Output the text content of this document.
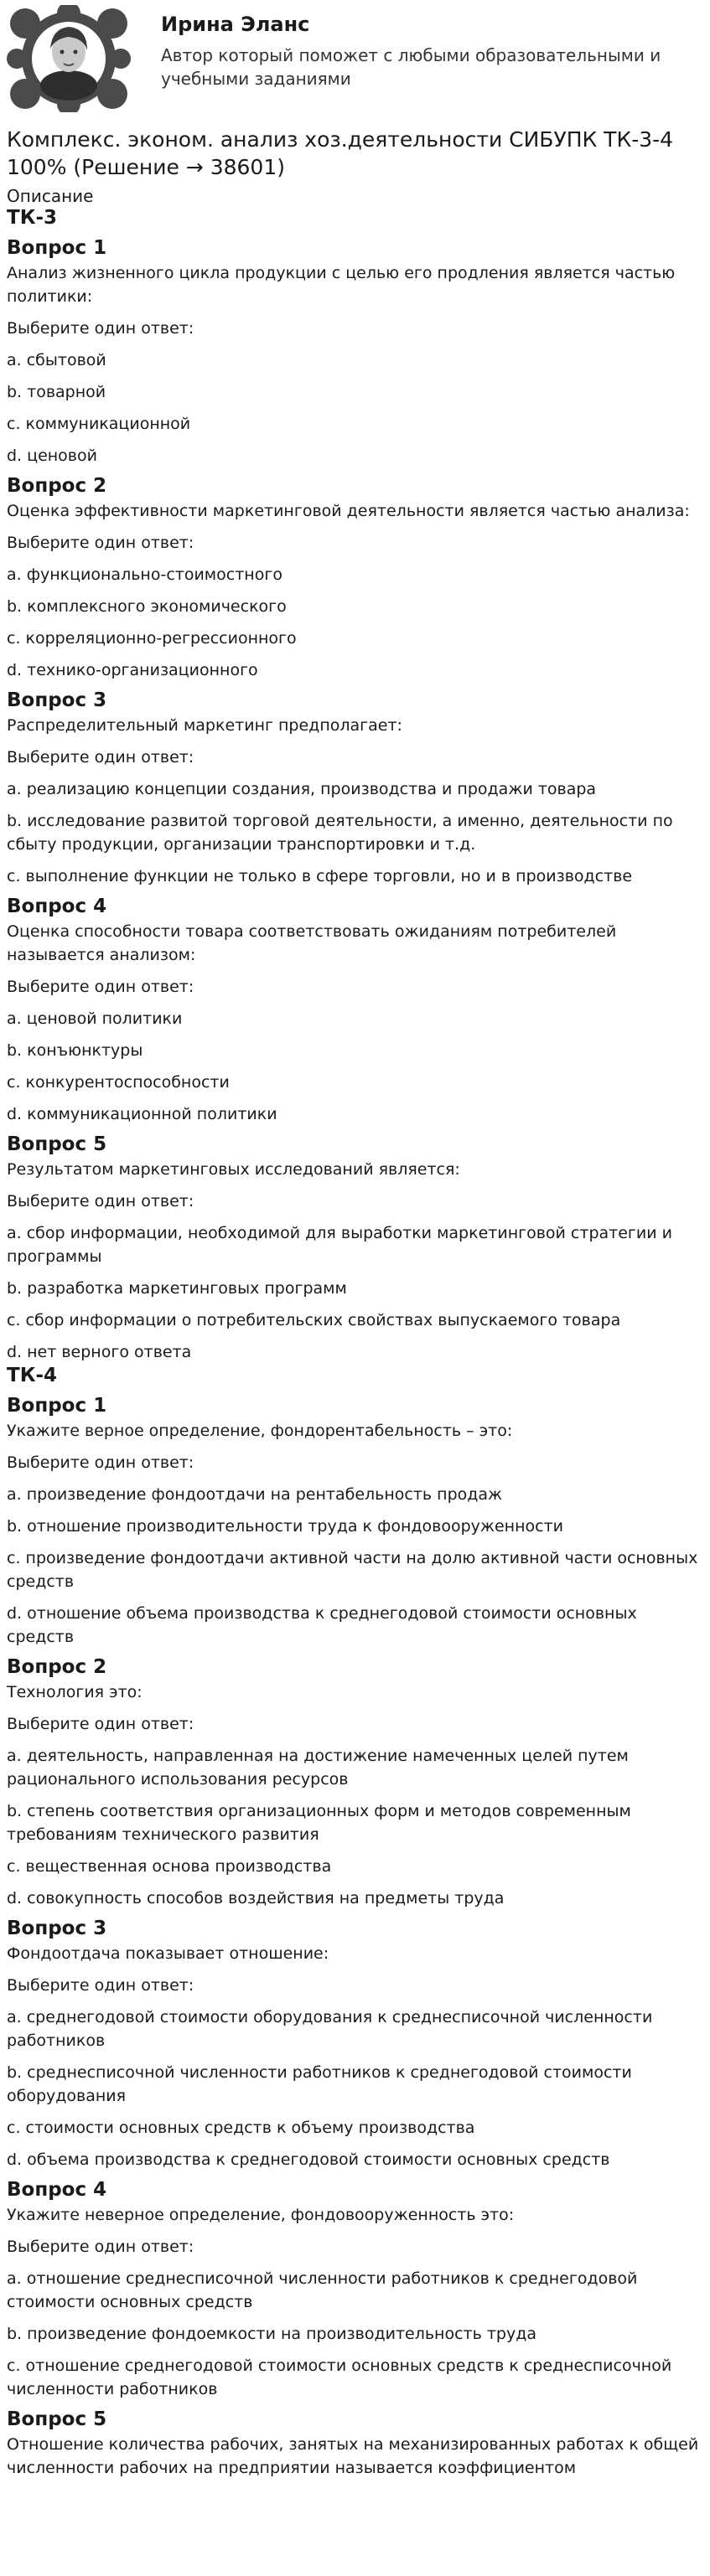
Ирина Эланс
Автор который поможет с любыми образовательными и учебными заданиями
Комплекс. эконом. анализ хоз.деятельности СИБУПК ТК-3-4 100% (Решение → 38601)
Описание
ТК-3
Вопрос 1
Анализ жизненного цикла продукции с целью его продления является частью политики:
Выберите один ответ:
a. сбытовой
b. товарной
c. коммуникационной
d. ценовой
Вопрос 2
Оценка эффективности маркетинговой деятельности является частью анализа:
Выберите один ответ:
a. функционально-стоимостного
b. комплексного экономического
c. корреляционно-регрессионного
d. технико-организационного
Вопрос 3
Распределительный маркетинг предполагает:
Выберите один ответ:
a. реализацию концепции создания, производства и продажи товара
b. исследование развитой торговой деятельности, а именно, деятельности по сбыту продукции, организации транспортировки и т.д.
c. выполнение функции не только в сфере торговли, но и в производстве
Вопрос 4
Оценка способности товара соответствовать ожиданиям потребителей называется анализом:
Выберите один ответ:
a. ценовой политики
b. конъюнктуры
c. конкурентоспособности
d. коммуникационной политики
Вопрос 5
Результатом маркетинговых исследований является:
Выберите один ответ:
a. сбор информации, необходимой для выработки маркетинговой стратегии и программы
b. разработка маркетинговых программ
c. сбор информации о потребительских свойствах выпускаемого товара
d. нет верного ответа
ТК-4
Вопрос 1
Укажите верное определение, фондорентабельность – это:
Выберите один ответ:
a. произведение фондоотдачи на рентабельность продаж
b. отношение производительности труда к фондовооруженности
c. произведение фондоотдачи активной части на долю активной части основных средств
d. отношение объема производства к среднегодовой стоимости основных средств
Вопрос 2
Технология это:
Выберите один ответ:
a. деятельность, направленная на достижение намеченных целей путем рационального использования ресурсов
b. степень соответствия организационных форм и методов современным требованиям технического развития
c. вещественная основа производства
d. совокупность способов воздействия на предметы труда
Вопрос 3
Фондоотдача показывает отношение:
Выберите один ответ:
a. среднегодовой стоимости оборудования к среднесписочной численности работников
b. среднесписочной численности работников к среднегодовой стоимости оборудования
c. стоимости основных средств к объему производства
d. объема производства к среднегодовой стоимости основных средств
Вопрос 4
Укажите неверное определение, фондовооруженность это:
Выберите один ответ:
a. отношение среднесписочной численности работников к среднегодовой стоимости основных средств
b. произведение фондоемкости на производительность труда
c. отношение среднегодовой стоимости основных средств к среднесписочной численности работников
Вопрос 5
Отношение количества рабочих, занятых на механизированных работах к общей численности рабочих на предприятии называется коэффициентом
